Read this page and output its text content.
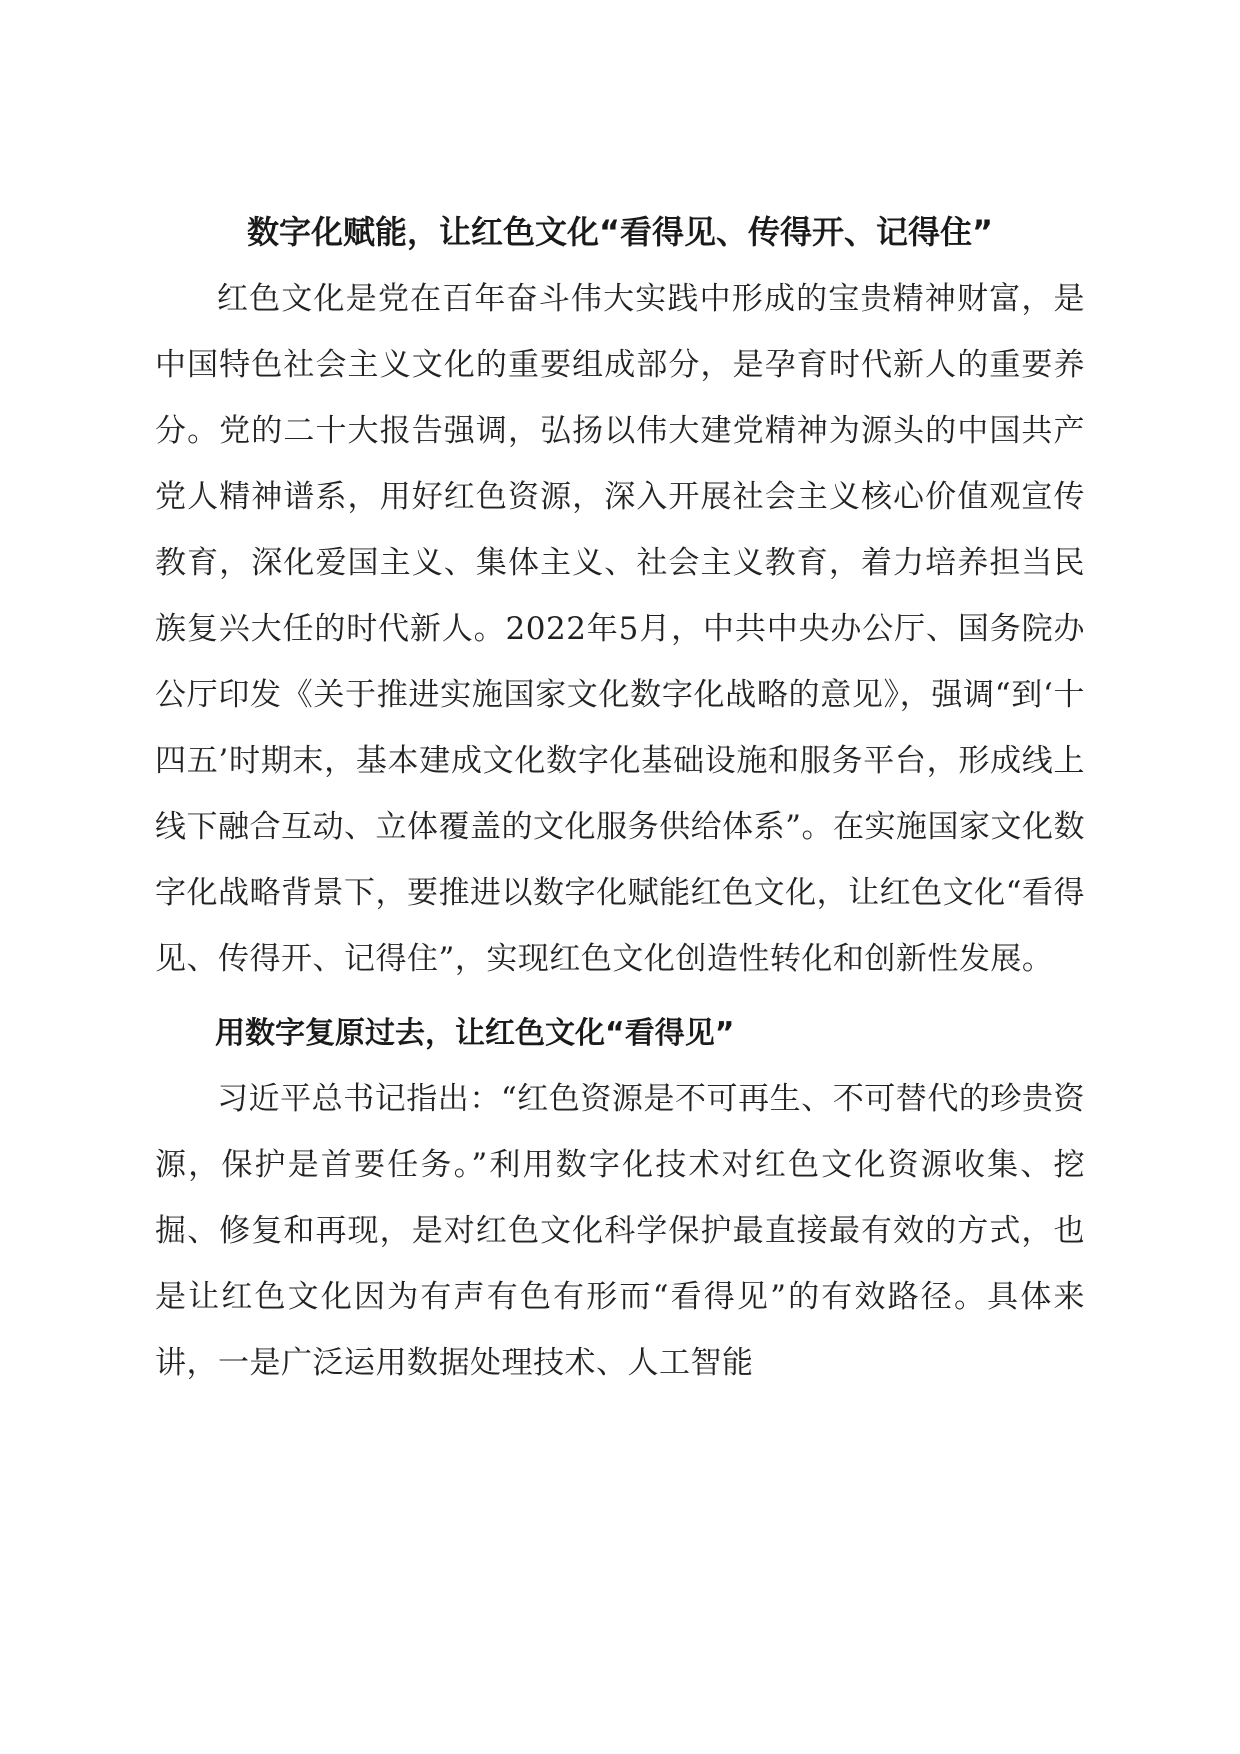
数字化赋能，让红色文化“看得见、传得开、记得住”

红色文化是党在百年奋斗伟大实践中形成的宝贵精神财富，是中国特色社会主义文化的重要组成部分，是孕育时代新人的重要养分。党的二十大报告强调，弘扬以伟大建党精神为源头的中国共产党人精神谱系，用好红色资源，深入开展社会主义核心价值观宣传教育，深化爱国主义、集体主义、社会主义教育，着力培养担当民族复兴大任的时代新人。2022年5月，中共中央办公厅、国务院办公厅印发《关于推进实施国家文化数字化战略的意见》，强调“到‘十四五’时期末，基本建成文化数字化基础设施和服务平台，形成线上线下融合互动、立体覆盖的文化服务供给体系”。在实施国家文化数字化战略背景下，要推进以数字化赋能红色文化，让红色文化“看得见、传得开、记得住”，实现红色文化创造性转化和创新性发展。

用数字复原过去，让红色文化“看得见”

习近平总书记指出：“红色资源是不可再生、不可替代的珍贵资源，保护是首要任务。”利用数字化技术对红色文化资源收集、挖掘、修复和再现，是对红色文化科学保护最直接最有效的方式，也是让红色文化因为有声有色有形而“看得见”的有效路径。具体来讲，一是广泛运用数据处理技术、人工智能
